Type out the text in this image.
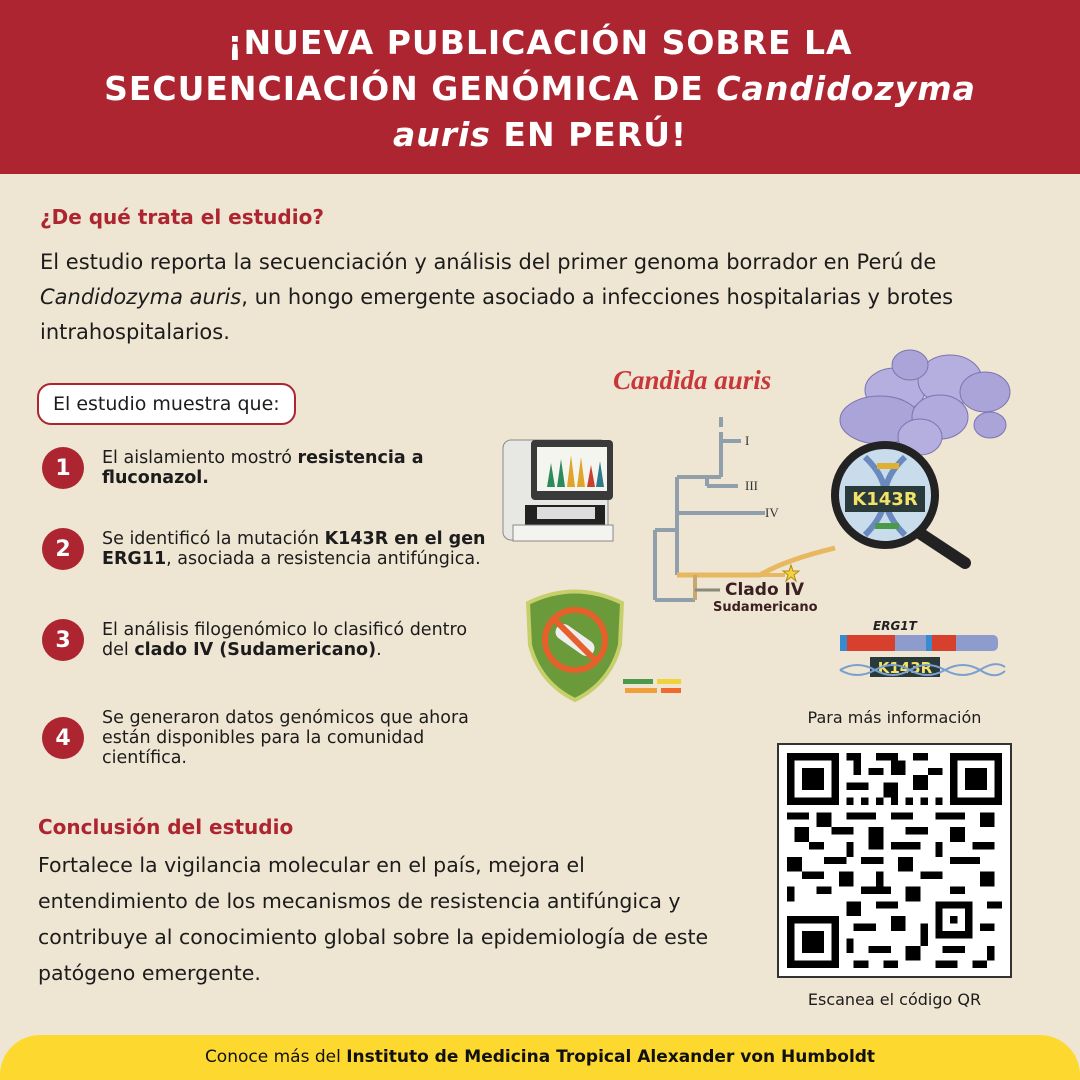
¡NUEVA PUBLICACIÓN SOBRE LA
SECUENCIACIÓN GENÓMICA DE Candidozyma
auris EN PERÚ!
¿De qué trata el estudio?
El estudio reporta la secuenciación y análisis del primer genoma borrador en Perú de Candidozyma auris, un hongo emergente asociado a infecciones hospitalarias y brotes intrahospitalarios.
El estudio muestra que:
1	El aislamiento mostró resistencia a fluconazol.
2	Se identificó la mutación K143R en el gen ERG11, asociada a resistencia antifúngica.
3	El análisis filogenómico lo clasificó dentro del clado IV (Sudamericano).
4
Se generaron datos genómicos que ahora están disponibles para la comunidad científica.
Candida auris
I
III
IV
Clado IV
Sudamericano
K143R
ERG1T
K143R
Conclusión del estudio
Fortalece la vigilancia molecular en el país, mejora el entendimiento de los mecanismos de resistencia antifúngica y contribuye al conocimiento global sobre la epidemiología de este patógeno emergente.
Para más información
Escanea el código QR
Conoce más del Instituto de Medicina Tropical Alexander von Humboldt
